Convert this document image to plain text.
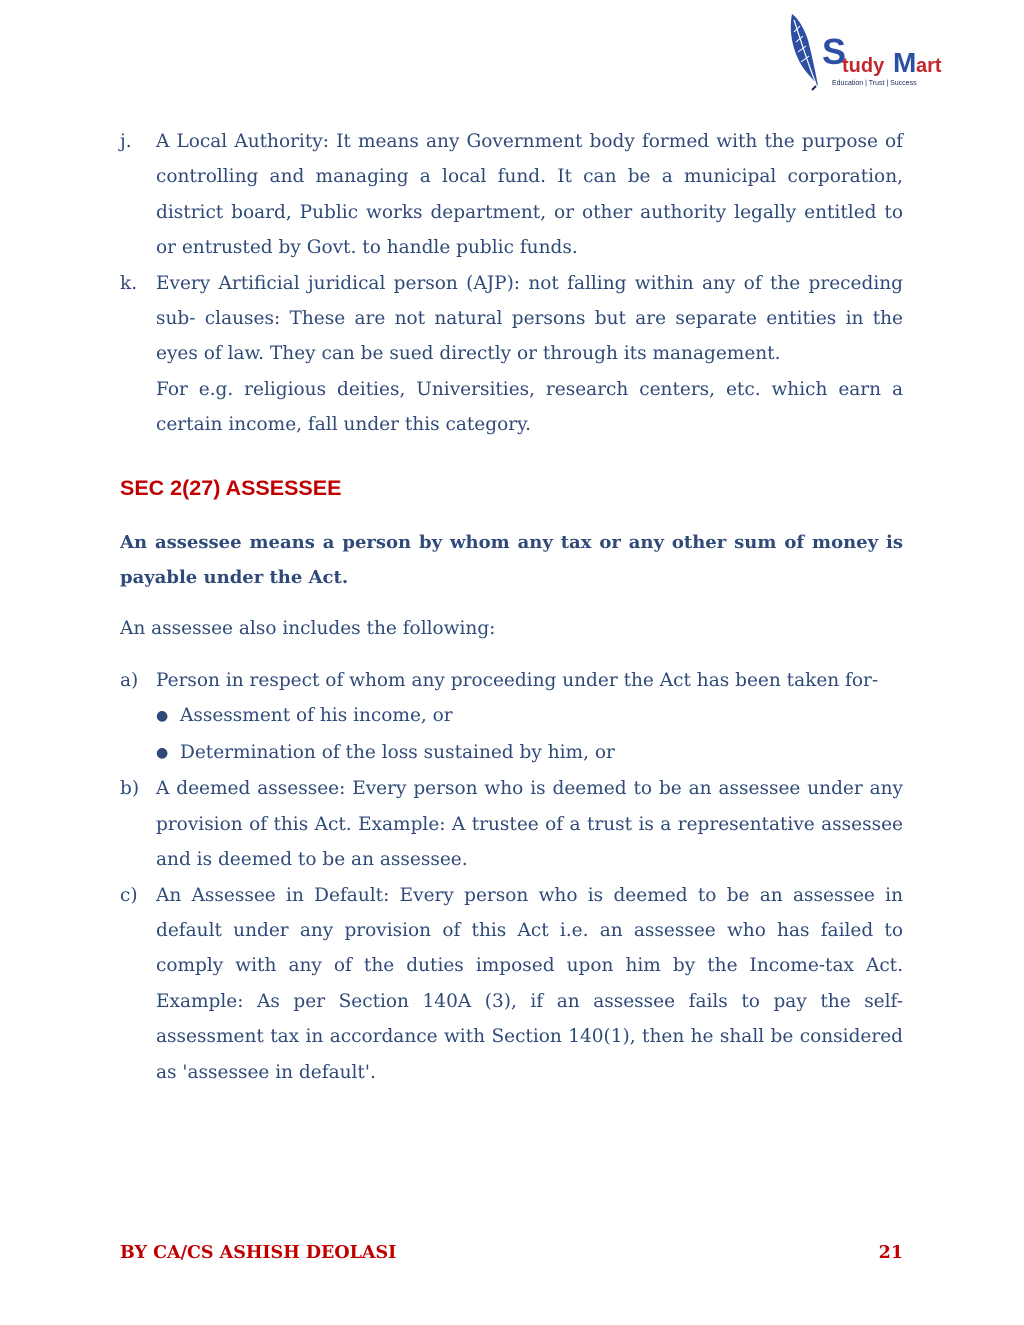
S
tudy M art
Education | Trust | Success
j.	A Local Authority: It means any Government body formed with the purpose of controlling and managing a local fund. It can be a municipal corporation, district board, Public works department, or other authority legally entitled to or entrusted by Govt. to handle public funds.

k.	Every Artificial juridical person (AJP): not falling within any of the preceding sub- clauses: These are not natural persons but are separate entities in the eyes of law. They can be sued directly or through its management.

For e.g. religious deities, Universities, research centers, etc. which earn a certain income, fall under this category.

SEC 2(27) ASSESSEE

An assessee means a person by whom any tax or any other sum of money is payable under the Act.

An assessee also includes the following:

a) Person in respect of whom any proceeding under the Act has been taken for-

● Assessment of his income, or
● Determination of the loss sustained by him, or
b) A deemed assessee: Every person who is deemed to be an assessee under any provision of this Act. Example: A trustee of a trust is a representative assessee and is deemed to be an assessee.

c) An Assessee in Default: Every person who is deemed to be an assessee in default under any provision of this Act i.e. an assessee who has failed to comply with any of the duties imposed upon him by the Income-tax Act. Example: As per Section 140A (3), if an assessee fails to pay the self-assessment tax in accordance with Section 140(1), then he shall be considered as 'assessee in default'.

BY CA/CS ASHISH DEOLASI	21
